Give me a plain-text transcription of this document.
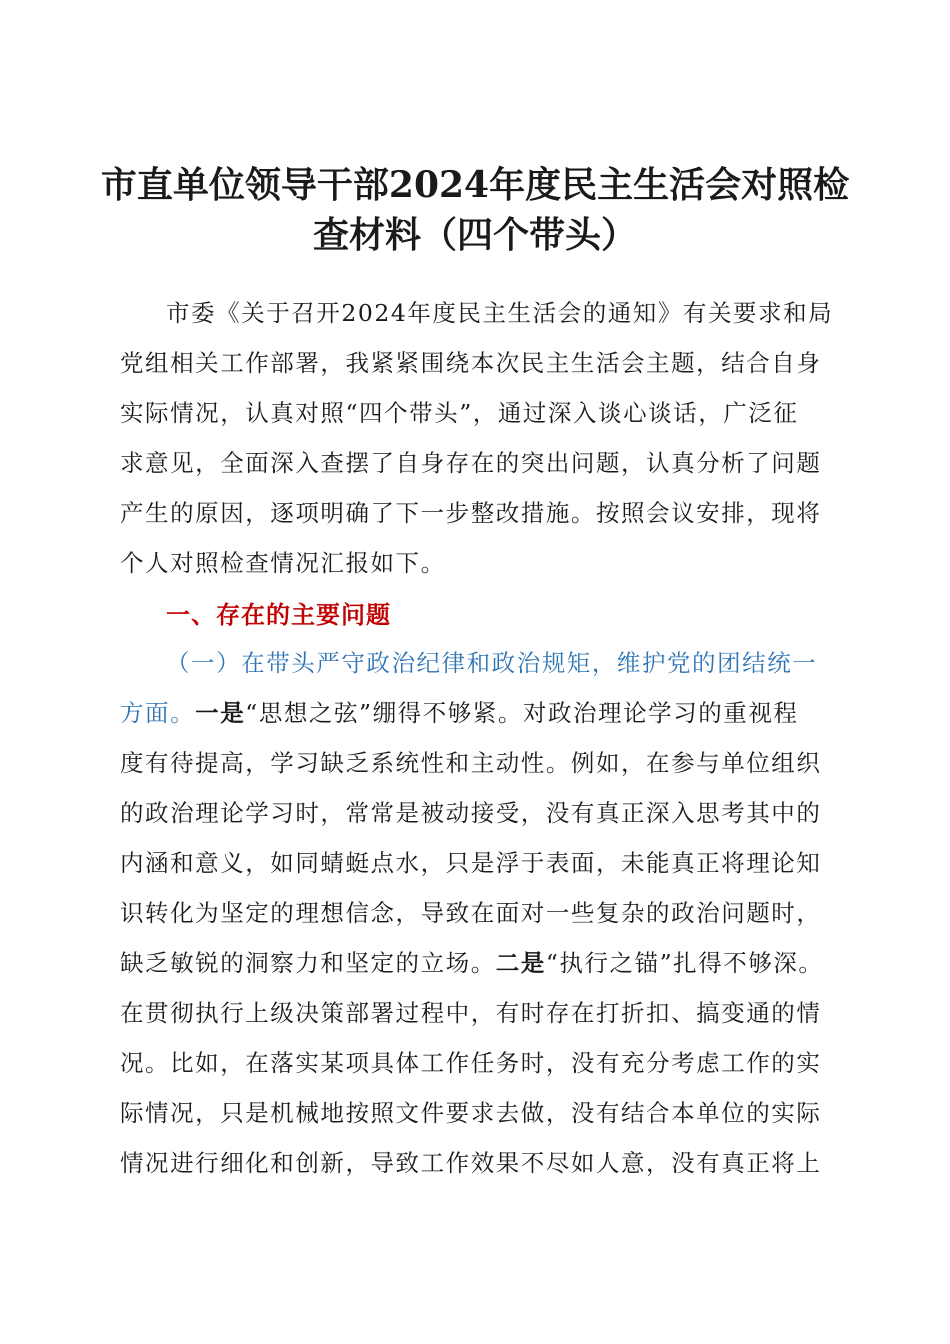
市直单位领导干部2024年度民主生活会对照检
查材料（四个带头）

市委《关于召开2024年度民主生活会的通知》有关要求和局

党组相关工作部署，我紧紧围绕本次民主生活会主题，结合自身

实际情况，认真对照“四个带头”，通过深入谈心谈话，广泛征

求意见，全面深入查摆了自身存在的突出问题，认真分析了问题

产生的原因，逐项明确了下一步整改措施。按照会议安排，现将

个人对照检查情况汇报如下。

一、存在的主要问题

（一）在带头严守政治纪律和政治规矩，维护党的团结统一

方面。一是“思想之弦”绷得不够紧。对政治理论学习的重视程

度有待提高，学习缺乏系统性和主动性。例如，在参与单位组织

的政治理论学习时，常常是被动接受，没有真正深入思考其中的

内涵和意义，如同蜻蜓点水，只是浮于表面，未能真正将理论知

识转化为坚定的理想信念，导致在面对一些复杂的政治问题时，

缺乏敏锐的洞察力和坚定的立场。二是“执行之锚”扎得不够深。

在贯彻执行上级决策部署过程中，有时存在打折扣、搞变通的情

况。比如，在落实某项具体工作任务时，没有充分考虑工作的实

际情况，只是机械地按照文件要求去做，没有结合本单位的实际

情况进行细化和创新，导致工作效果不尽如人意，没有真正将上
